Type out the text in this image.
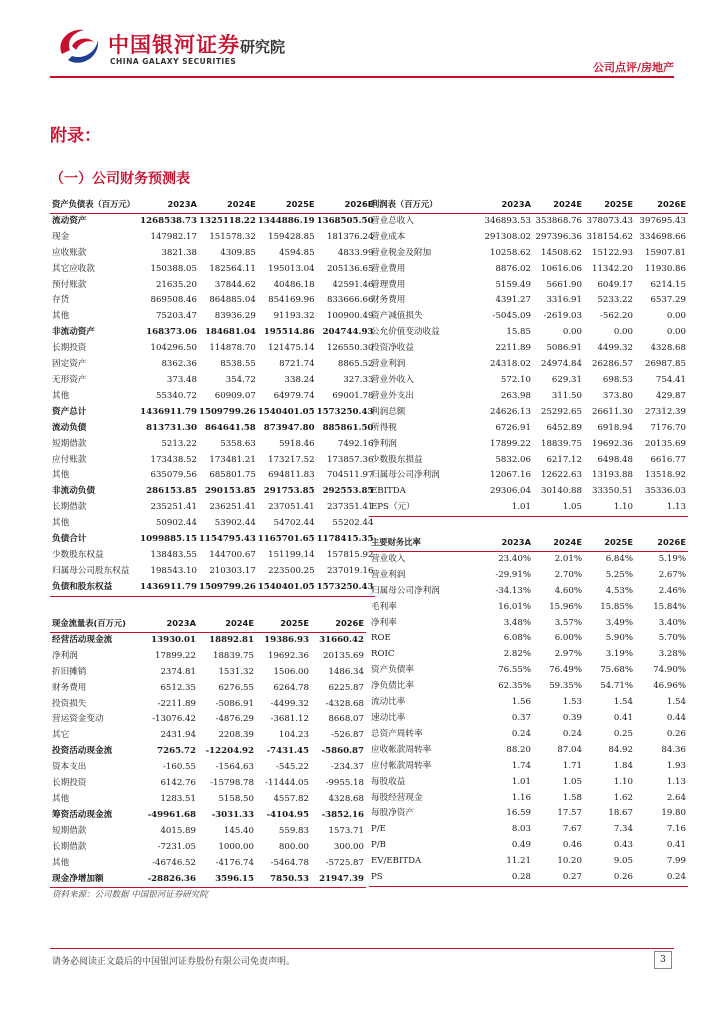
中国银河证券
CHINA GALAXY SECURITIES
研究院
公司点评/房地产
附录：
（一）公司财务预测表
资产负债表（百万元）	2023A	2024E	2025E	2026E
流动资产	1268538.73	1325118.22	1344886.19	1368505.50
现金	147982.17	151578.32	159428.85	181376.24
应收账款	3821.38	4309.85	4594.85	4833.99
其它应收款	150388.05	182564.11	195013.04	205136.65
预付账款	21635.20	37844.62	40486.18	42591.46
存货	869508.46	864885.04	854169.96	833666.66
其他	75203.47	83936.29	91193.32	100900.49
非流动资产	168373.06	184681.04	195514.86	204744.93
长期投资	104296.50	114878.70	121475.14	126550.30
固定资产	8362.36	8538.55	8721.74	8865.52
无形资产	373.48	354.72	338.24	327.33
其他	55340.72	60909.07	64979.74	69001.78
资产总计	1436911.79	1509799.26	1540401.05	1573250.43
流动负债	813731.30	864641.58	873947.80	885861.50
短期借款	5213.22	5358.63	5918.46	7492.16
应付账款	173438.52	173481.21	173217.52	173857.36
其他	635079.56	685801.75	694811.83	704511.97
非流动负债	286153.85	290153.85	291753.85	292553.85
长期借款	235251.41	236251.41	237051.41	237351.41
其他	50902.44	53902.44	54702.44	55202.44
负债合计	1099885.15	1154795.43	1165701.65	1178415.35
少数股东权益	138483.55	144700.67	151199.14	157815.92
归属母公司股东权益	198543.10	210303.17	223500.25	237019.16
负债和股东权益	1436911.79	1509799.26	1540401.05	1573250.43
利润表（百万元）	2023A	2024E	2025E	2026E
营业总收入	346893.53	353868.76	378073.43	397695.43
营业成本	291308.02	297396.36	318154.62	334698.66
营业税金及附加	10258.62	14508.62	15122.93	15907.81
营业费用	8876.02	10616.06	11342.20	11930.86
管理费用	5159.49	5661.90	6049.17	6214.15
财务费用	4391.27	3316.91	5233.22	6537.29
资产减值损失	-5045.09	-2619.03	-562.20	0.00
公允价值变动收益	15.85	0.00	0.00	0.00
投资净收益	2211.89	5086.91	4499.32	4328.68
营业利润	24318.02	24974.84	26286.57	26987.85
营业外收入	572.10	629.31	698.53	754.41
营业外支出	263.98	311.50	373.80	429.87
利润总额	24626.13	25292.65	26611.30	27312.39
所得税	6726.91	6452.89	6918.94	7176.70
净利润	17899.22	18839.75	19692.36	20135.69
少数股东损益	5832.06	6217.12	6498.48	6616.77
归属母公司净利润	12067.16	12622.63	13193.88	13518.92
EBITDA	29306.04	30140.88	33350.51	35336.03
EPS（元）	1.01	1.05	1.10	1.13
现金流量表(百万元)	2023A	2024E	2025E	2026E
经营活动现金流	13930.01	18892.81	19386.93	31660.42
净利润	17899.22	18839.75	19692.36	20135.69
折旧摊销	2374.81	1531.32	1506.00	1486.34
财务费用	6512.35	6276.55	6264.78	6225.87
投资损失	-2211.89	-5086.91	-4499.32	-4328.68
营运资金变动	-13076.42	-4876.29	-3681.12	8668.07
其它	2431.94	2208.39	104.23	-526.87
投资活动现金流	7265.72	-12204.92	-7431.45	-5860.87
资本支出	-160.55	-1564.63	-545.22	-234.37
长期投资	6142.76	-15798.78	-11444.05	-9955.18
其他	1283.51	5158.50	4557.82	4328.68
筹资活动现金流	-49961.68	-3031.33	-4104.95	-3852.16
短期借款	4015.89	145.40	559.83	1573.71
长期借款	-7231.05	1000.00	800.00	300.00
其他	-46746.52	-4176.74	-5464.78	-5725.87
现金净增加额	-28826.36	3596.15	7850.53	21947.39
主要财务比率	2023A	2024E	2025E	2026E
营业收入	23.40%	2.01%	6.84%	5.19%
营业利润	-29.91%	2.70%	5.25%	2.67%
归属母公司净利润	-34.13%	4.60%	4.53%	2.46%
毛利率	16.01%	15.96%	15.85%	15.84%
净利率	3.48%	3.57%	3.49%	3.40%
ROE	6.08%	6.00%	5.90%	5.70%
ROIC	2.82%	2.97%	3.19%	3.28%
资产负债率	76.55%	76.49%	75.68%	74.90%
净负债比率	62.35%	59.35%	54.71%	46.96%
流动比率	1.56	1.53	1.54	1.54
速动比率	0.37	0.39	0.41	0.44
总资产周转率	0.24	0.24	0.25	0.26
应收帐款周转率	88.20	87.04	84.92	84.36
应付帐款周转率	1.74	1.71	1.84	1.93
每股收益	1.01	1.05	1.10	1.13
每股经营现金	1.16	1.58	1.62	2.64
每股净资产	16.59	17.57	18.67	19.80
P/E	8.03	7.67	7.34	7.16
P/B	0.49	0.46	0.43	0.41
EV/EBITDA	11.21	10.20	9.05	7.99
PS	0.28	0.27	0.26	0.24
资料来源：公司数据 中国银河证券研究院
请务必阅读正文最后的中国银河证券股份有限公司免责声明。	3
